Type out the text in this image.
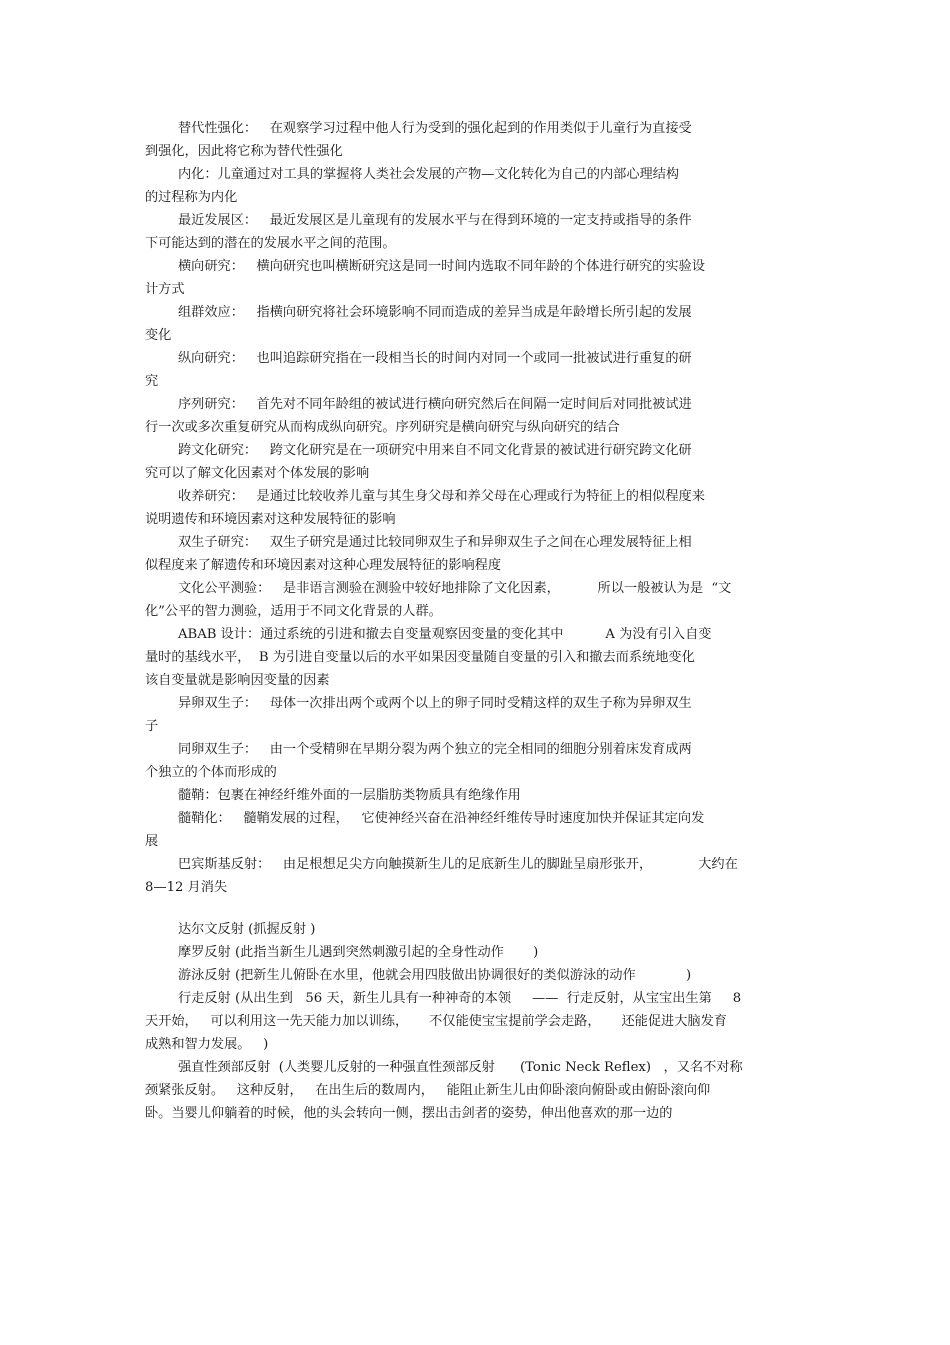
替代性强化：   在观察学习过程中他人行为受到的强化起到的作用类似于儿童行为直接受
到强化，因此将它称为替代性强化
内化：儿童通过对工具的掌握将人类社会发展的产物—文化转化为自己的内部心理结构
的过程称为内化
最近发展区：   最近发展区是儿童现有的发展水平与在得到环境的一定支持或指导的条件
下可能达到的潜在的发展水平之间的范围。
横向研究：   横向研究也叫横断研究这是同一时间内选取不同年龄的个体进行研究的实验设
计方式
组群效应：   指横向研究将社会环境影响不同而造成的差异当成是年龄增长所引起的发展
变化
纵向研究：   也叫追踪研究指在一段相当长的时间内对同一个或同一批被试进行重复的研
究
序列研究：   首先对不同年龄组的被试进行横向研究然后在间隔一定时间后对同批被试进
行一次或多次重复研究从而构成纵向研究。序列研究是横向研究与纵向研究的结合
跨文化研究：   跨文化研究是在一项研究中用来自不同文化背景的被试进行研究跨文化研
究可以了解文化因素对个体发展的影响
收养研究：   是通过比较收养儿童与其生身父母和养父母在心理或行为特征上的相似程度来
说明遗传和环境因素对这种发展特征的影响
双生子研究：   双生子研究是通过比较同卵双生子和异卵双生子之间在心理发展特征上相
似程度来了解遗传和环境因素对这种心理发展特征的影响程度
文化公平测验：   是非语言测验在测验中较好地排除了文化因素，         所以一般被认为是  “文
化”公平的智力测验，适用于不同文化背景的人群。
ABAB 设计：通过系统的引进和撤去自变量观察因变量的变化其中          A 为没有引入自变
量时的基线水平，  B 为引进自变量以后的水平如果因变量随自变量的引入和撤去而系统地变化
该自变量就是影响因变量的因素
异卵双生子：   母体一次排出两个或两个以上的卵子同时受精这样的双生子称为异卵双生
子
同卵双生子：   由一个受精卵在早期分裂为两个独立的完全相同的细胞分别着床发育成两
个独立的个体而形成的
髓鞘：包裹在神经纤维外面的一层脂肪类物质具有绝缘作用
髓鞘化：   髓鞘发展的过程，   它使神经兴奋在沿神经纤维传导时速度加快并保证其定向发
展
巴宾斯基反射：   由足根想足尖方向触摸新生儿的足底新生儿的脚趾呈扇形张开，           大约在
8—12 月消失
达尔文反射 (抓握反射 )
摩罗反射 (此指当新生儿遇到突然刺激引起的全身性动作       )
游泳反射 (把新生儿俯卧在水里，他就会用四肢做出协调很好的类似游泳的动作            )
行走反射 (从出生到   56 天，新生儿具有一种神奇的本领     ——  行走反射，从宝宝出生第     8
天开始，   可以利用这一先天能力加以训练，     不仅能使宝宝提前学会走路，     还能促进大脑发育
成熟和智力发展。   )
强直性颈部反射  (人类婴儿反射的一种强直性颈部反射      (Tonic Neck Reflex)   ，又名不对称
颈紧张反射。   这种反射，   在出生后的数周内，   能阻止新生儿由仰卧滚向俯卧或由俯卧滚向仰
卧。当婴儿仰躺着的时候，他的头会转向一侧，摆出击剑者的姿势，伸出他喜欢的那一边的
